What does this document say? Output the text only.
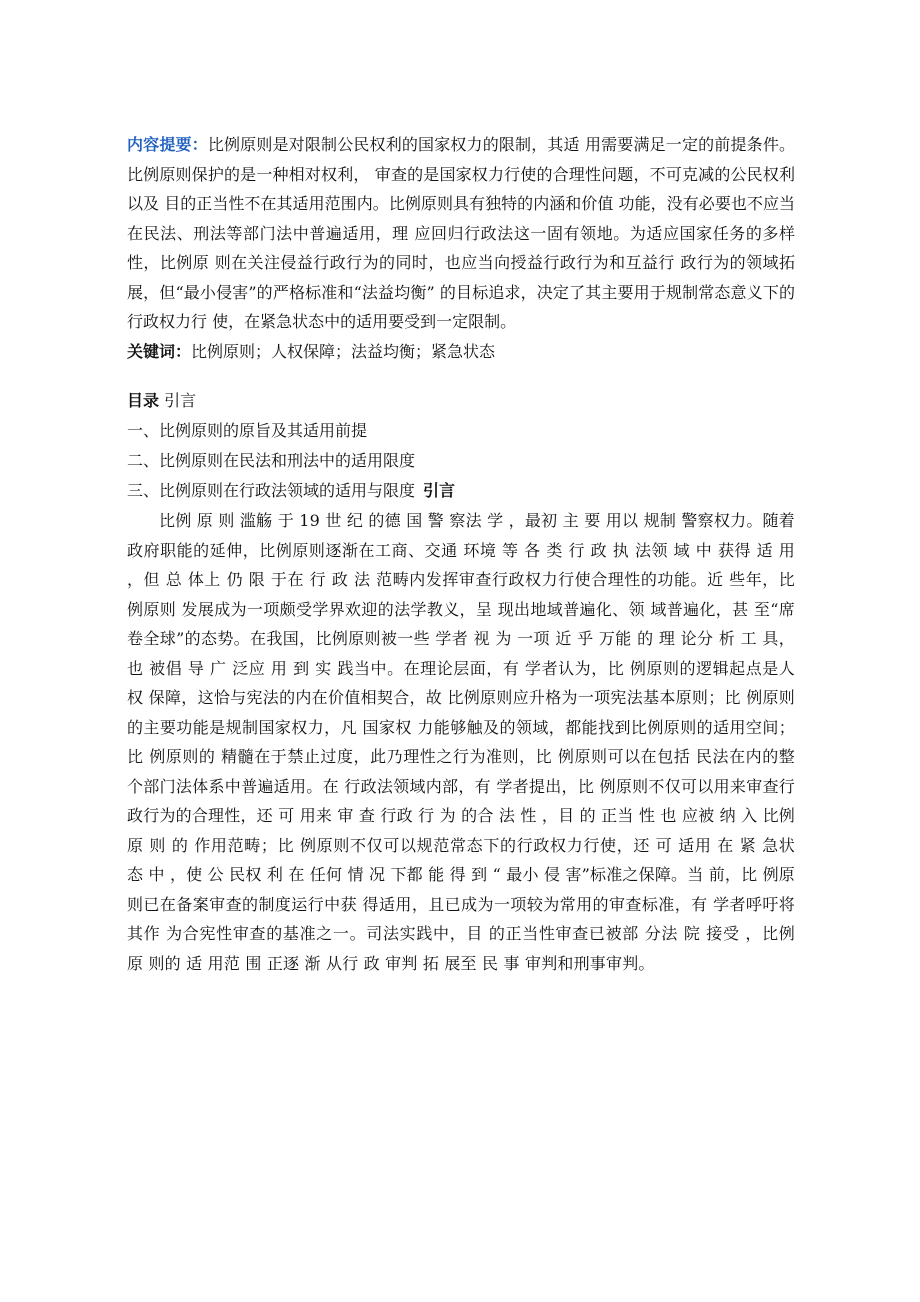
内容提要：比例原则是对限制公民权利的国家权力的限制，其适 用需要满足一定的前提条件。比例原则保护的是一种相对权利， 审查的是国家权力行使的合理性问题，不可克减的公民权利以及 目的正当性不在其适用范围内。比例原则具有独特的内涵和价值 功能，没有必要也不应当在民法、刑法等部门法中普遍适用，理 应回归行政法这一固有领地。为适应国家任务的多样性，比例原 则在关注侵益行政行为的同时，也应当向授益行政行为和互益行 政行为的领域拓展，但“最小侵害”的严格标准和“法益均衡” 的目标追求，决定了其主要用于规制常态意义下的行政权力行 使，在紧急状态中的适用要受到一定限制。

关键词：比例原则；人权保障；法益均衡；紧急状态

目录 引言
一、比例原则的原旨及其适用前提
二、比例原则在民法和刑法中的适用限度
三、比例原则在行政法领域的适用与限度 引言

比例 原 则 滥觞 于 19 世 纪 的德 国 警 察法 学 ，最初 主 要 用以 规制 警察权力。随着政府职能的延伸，比例原则逐渐在工商、交通 环境 等 各 类 行 政 执 法领 域 中 获得 适 用 ，但 总 体上 仍 限 于在 行 政 法 范畴内发挥审查行政权力行使合理性的功能。近 些年，比 例原则 发展成为一项颇受学界欢迎的法学教义，呈 现出地域普遍化、领 域普遍化，甚 至“席卷全球”的态势。在我国，比例原则被一些 学者 视 为 一项 近 乎 万能 的 理 论分 析 工 具， 也 被倡 导 广 泛应 用 到 实 践当中。在理论层面，有 学者认为，比 例原则的逻辑起点是人权 保障，这恰与宪法的内在价值相契合，故 比例原则应升格为一项宪法基本原则；比 例原则的主要功能是规制国家权力，凡 国家权 力能够触及的领域，都能找到比例原则的适用空间；比 例原则的 精髓在于禁止过度，此乃理性之行为准则，比 例原则可以在包括 民法在内的整个部门法体系中普遍适用。在 行政法领域内部，有 学者提出，比 例原则不仅可以用来审查行政行为的合理性，还 可 用来 审 查 行政 行 为 的合 法 性 ，目 的 正当 性 也 应被 纳 入 比例 原 则 的 作用范畴；比 例原则不仅可以规范常态下的行政权力行使，还 可 适用 在 紧 急状 态 中 ，使 公 民权 利 在 任何 情 况 下都 能 得 到 “ 最小 侵 害”标准之保障。当 前，比 例原则已在备案审查的制度运行中获 得适用，且已成为一项较为常用的审查标准，有 学者呼吁将其作 为合宪性审查的基准之一。司法实践中，目 的正当性审查已被部 分法 院 接受 ，比例 原 则的 适 用范 围 正逐 渐 从行 政 审判 拓 展至 民 事 审判和刑事审判。
